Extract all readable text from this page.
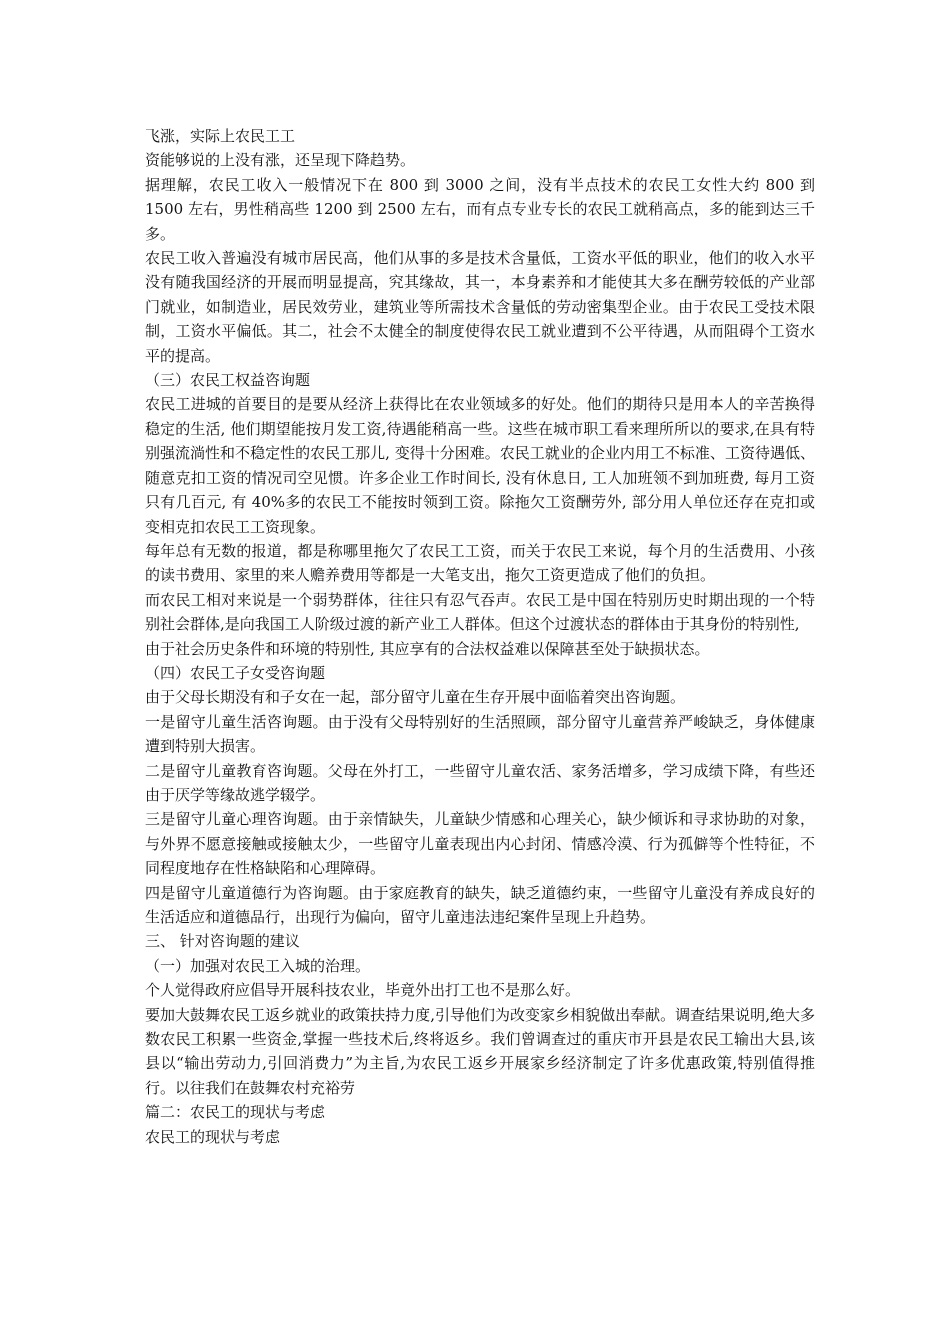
飞涨，实际上农民工工

资能够说的上没有涨，还呈现下降趋势。

据理解，农民工收入一般情况下在 800 到 3000 之间，没有半点技术的农民工女性大约 800 到 1500 左右，男性稍高些 1200 到 2500 左右，而有点专业专长的农民工就稍高点，多的能到达三千多。

农民工收入普遍没有城市居民高，他们从事的多是技术含量低，工资水平低的职业，他们的收入水平没有随我国经济的开展而明显提高，究其缘故，其一，本身素养和才能使其大多在酬劳较低的产业部门就业，如制造业，居民效劳业，建筑业等所需技术含量低的劳动密集型企业。由于农民工受技术限制，工资水平偏低。其二，社会不太健全的制度使得农民工就业遭到不公平待遇，从而阻碍个工资水平的提高。

（三）农民工权益咨询题

农民工进城的首要目的是要从经济上获得比在农业领域多的好处。他们的期待只是用本人的辛苦换得稳定的生活, 他们期望能按月发工资,待遇能稍高一些。这些在城市职工看来理所所以的要求,在具有特别强流淌性和不稳定性的农民工那儿, 变得十分困难。农民工就业的企业内用工不标准、工资待遇低、随意克扣工资的情况司空见惯。许多企业工作时间长, 没有休息日, 工人加班领不到加班费, 每月工资只有几百元, 有 40%多的农民工不能按时领到工资。除拖欠工资酬劳外, 部分用人单位还存在克扣或变相克扣农民工工资现象。

每年总有无数的报道，都是称哪里拖欠了农民工工资，而关于农民工来说，每个月的生活费用、小孩的读书费用、家里的来人赡养费用等都是一大笔支出，拖欠工资更造成了他们的负担。

而农民工相对来说是一个弱势群体，往往只有忍气吞声。农民工是中国在特别历史时期出现的一个特别社会群体,是向我国工人阶级过渡的新产业工人群体。但这个过渡状态的群体由于其身份的特别性,

由于社会历史条件和环境的特别性, 其应享有的合法权益难以保障甚至处于缺损状态。

（四）农民工子女受咨询题

由于父母长期没有和子女在一起，部分留守儿童在生存开展中面临着突出咨询题。

一是留守儿童生活咨询题。由于没有父母特别好的生活照顾，部分留守儿童营养严峻缺乏，身体健康遭到特别大损害。

二是留守儿童教育咨询题。父母在外打工，一些留守儿童农活、家务活增多，学习成绩下降，有些还由于厌学等缘故逃学辍学。

三是留守儿童心理咨询题。由于亲情缺失，儿童缺少情感和心理关心，缺少倾诉和寻求协助的对象，与外界不愿意接触或接触太少，一些留守儿童表现出内心封闭、情感冷漠、行为孤僻等个性特征，不同程度地存在性格缺陷和心理障碍。

四是留守儿童道德行为咨询题。由于家庭教育的缺失，缺乏道德约束，一些留守儿童没有养成良好的生活适应和道德品行，出现行为偏向，留守儿童违法违纪案件呈现上升趋势。

三、 针对咨询题的建议

（一）加强对农民工入城的治理。

个人觉得政府应倡导开展科技农业，毕竟外出打工也不是那么好。

要加大鼓舞农民工返乡就业的政策扶持力度,引导他们为改变家乡相貌做出奉献。调查结果说明,绝大多数农民工积累一些资金,掌握一些技术后,终将返乡。我们曾调查过的重庆市开县是农民工输出大县,该县以“输出劳动力,引回消费力”为主旨,为农民工返乡开展家乡经济制定了许多优惠政策,特别值得推行。以往我们在鼓舞农村充裕劳

篇二：农民工的现状与考虑

农民工的现状与考虑
